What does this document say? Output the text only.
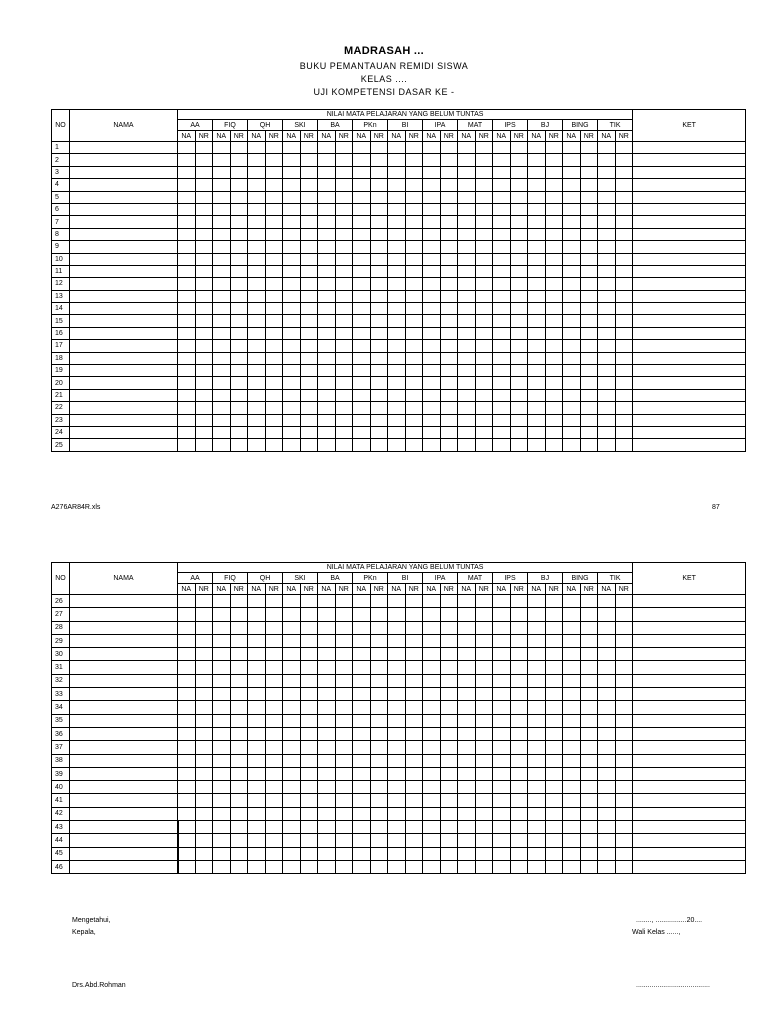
MADRASAH ...
BUKU PEMANTAUAN REMIDI SISWA
KELAS ....
UJI KOMPETENSI DASAR KE -
NO	NAMA	NILAI MATA PELAJARAN YANG BELUM TUNTAS																										KET
		AA		FIQ		QH		SKI		BA		PKn		BI		IPA		MAT		IPS		BJ		BING		TIK		
		NA	NR	NA	NR	NA	NR	NA	NR	NA	NR	NA	NR	NA	NR	NA	NR	NA	NR	NA	NR	NA	NR	NA	NR	NA	NR	
1																												
2																												
3																												
4																												
5																												
6																												
7																												
8																												
9																												
10																												
11																												
12																												
13																												
14																												
15																												
16																												
17																												
18																												
19																												
20																												
21																												
22																												
23																												
24																												
25																												
A276AR84R.xls	87
NO	NAMA	NILAI MATA PELAJARAN YANG BELUM TUNTAS																										KET
		AA		FIQ		QH		SKI		BA		PKn		BI		IPA		MAT		IPS		BJ		BING		TIK		
		NA	NR	NA	NR	NA	NR	NA	NR	NA	NR	NA	NR	NA	NR	NA	NR	NA	NR	NA	NR	NA	NR	NA	NR	NA	NR	
26																												
27																												
28																												
29																												
30																												
31																												
32																												
33																												
34																												
35																												
36																												
37																												
38																												
39																												
40																												
41																												
42																												
43																												
44																												
45																												
46																												
Mengetahui,
Kepala,
........, ................20....
Wali Kelas ......,
Drs.Abd.Rohman	......................................
